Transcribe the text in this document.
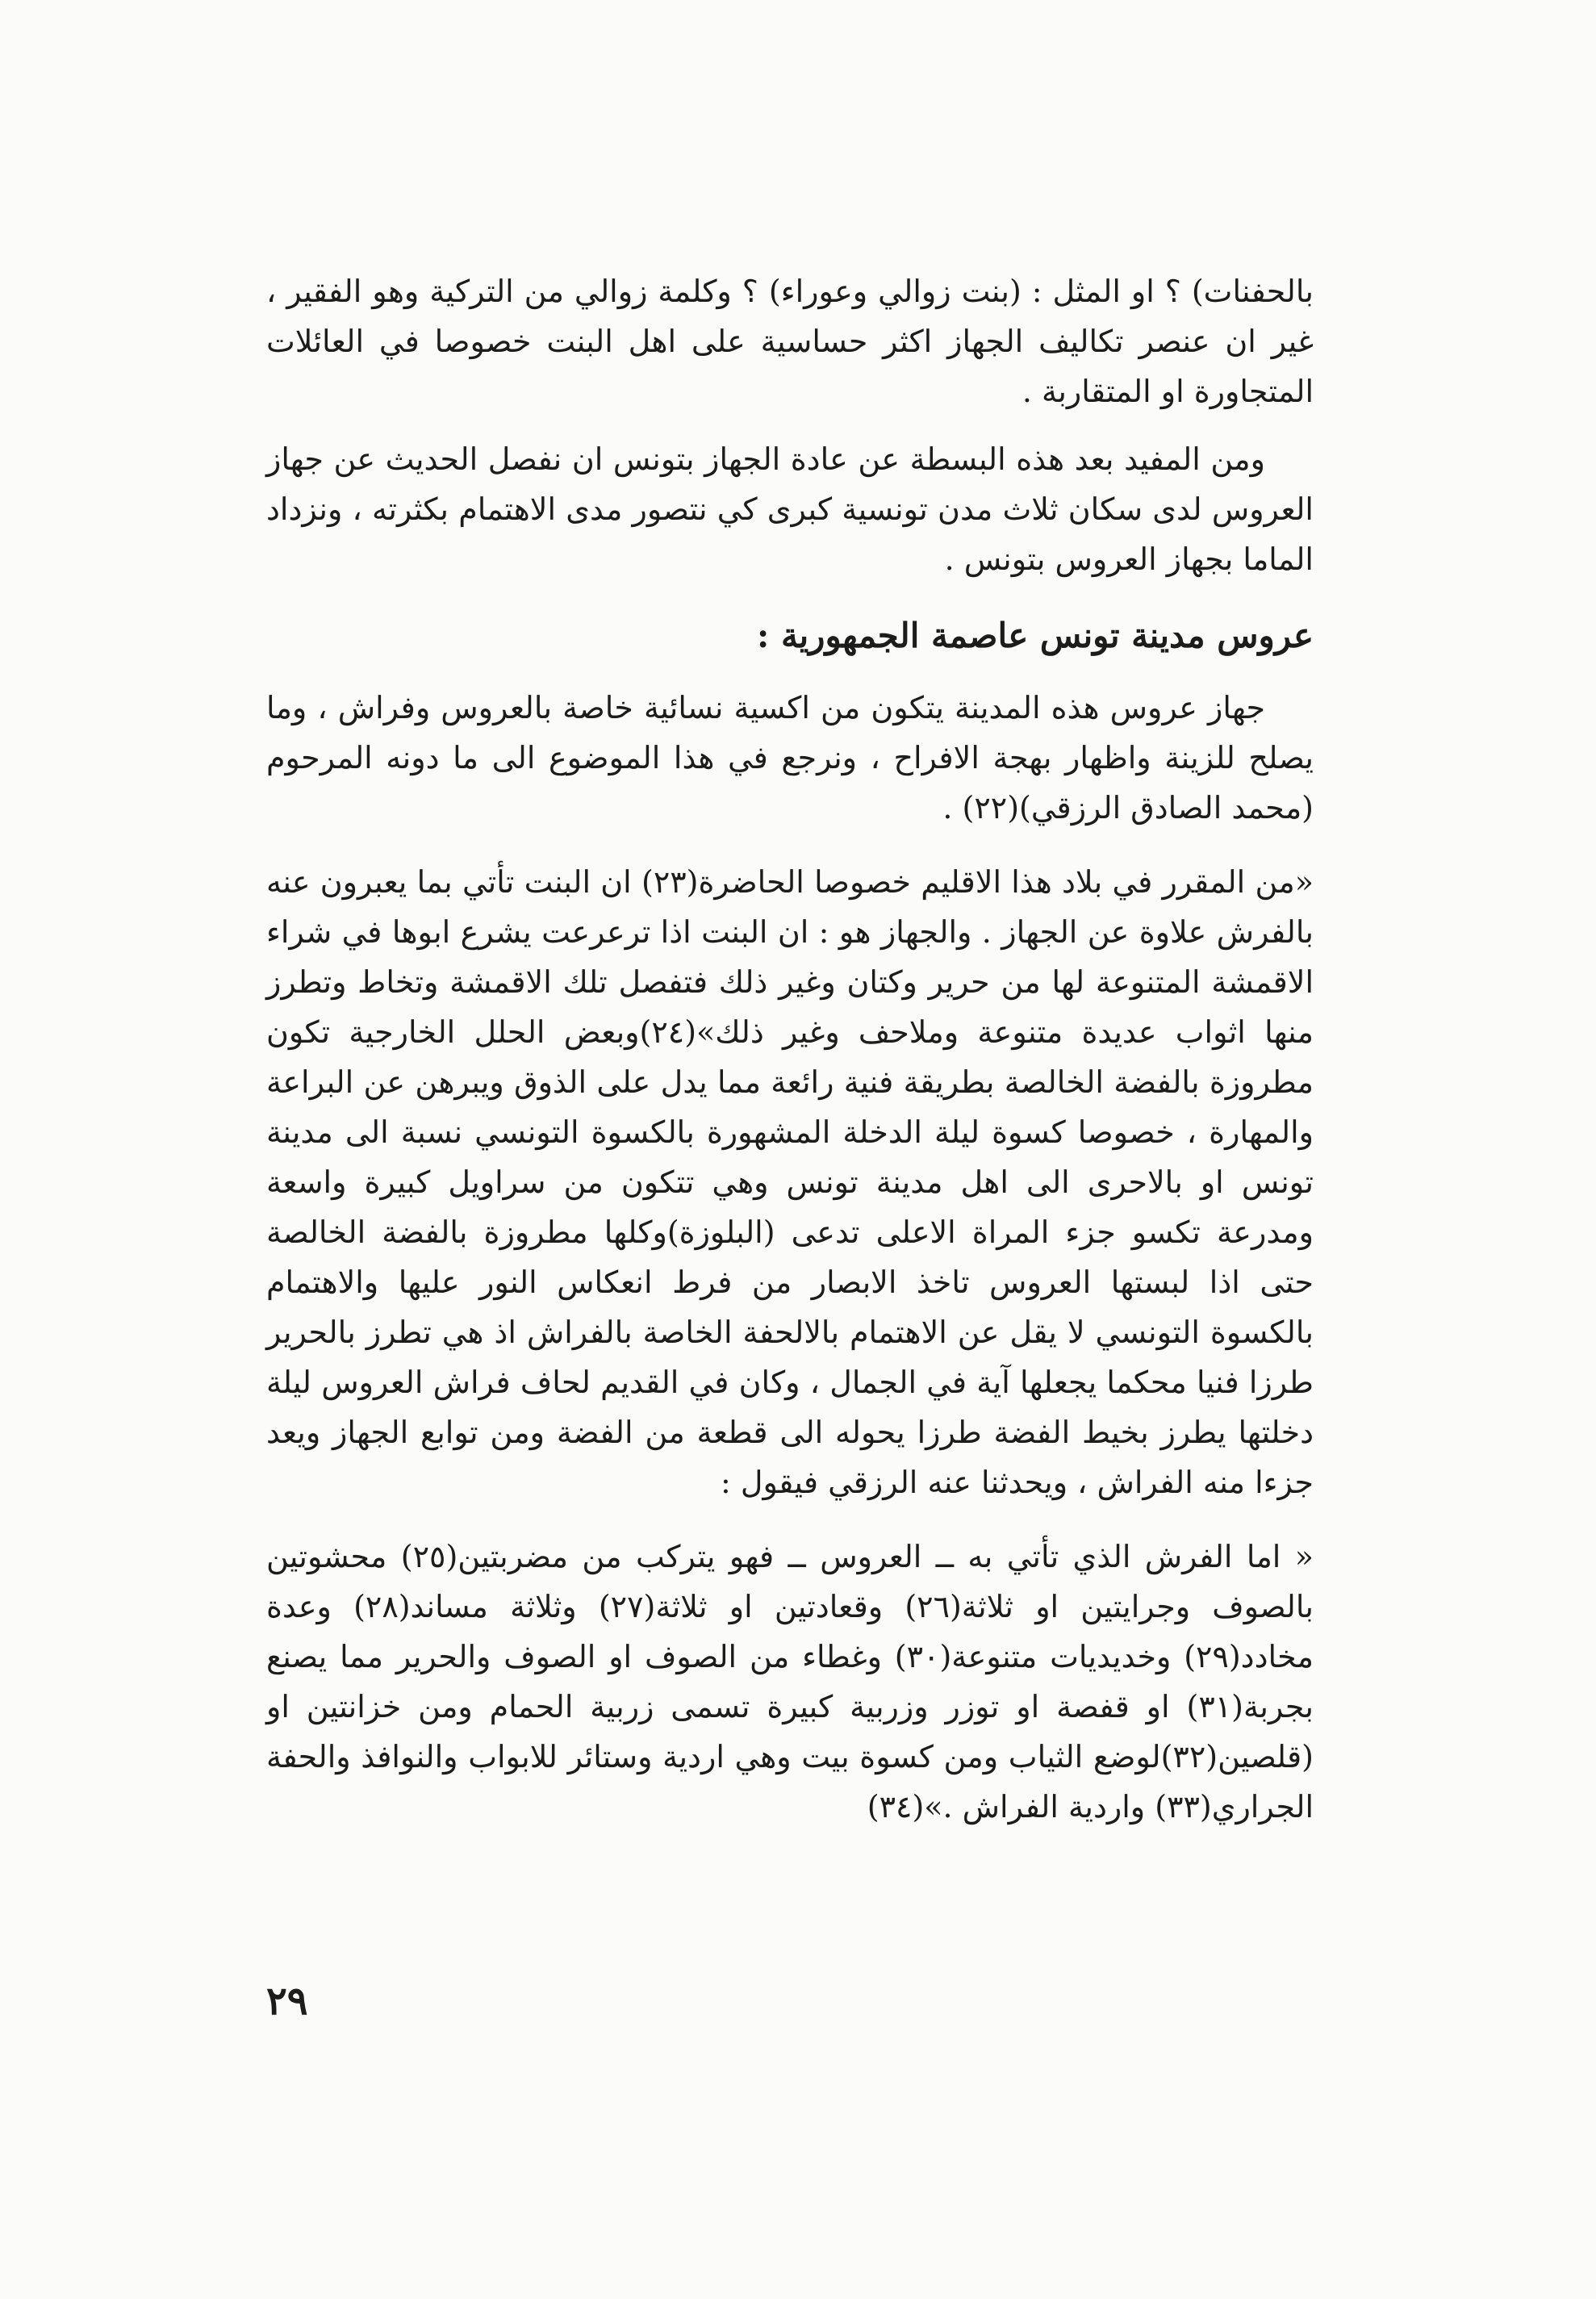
بالحفنات) ؟ او المثل : (بنت زوالي وعوراء) ؟ وكلمة زوالي من التركية وهو الفقير ، غير ان عنصر تكاليف الجهاز اكثر حساسية على اهل البنت خصوصا في العائلات المتجاورة او المتقاربة .

ومن المفيد بعد هذه البسطة عن عادة الجهاز بتونس ان نفصل الحديث عن جهاز العروس لدى سكان ثلاث مدن تونسية كبرى كي نتصور مدى الاهتمام بكثرته ، ونزداد الماما بجهاز العروس بتونس .

عروس مدينة تونس عاصمة الجمهورية :

جهاز عروس هذه المدينة يتكون من اكسية نسائية خاصة بالعروس وفراش ، وما يصلح للزينة واظهار بهجة الافراح ، ونرجع في هذا الموضوع الى ما دونه المرحوم (محمد الصادق الرزقي)(٢٢) .

«من المقرر في بلاد هذا الاقليم خصوصا الحاضرة(٢٣) ان البنت تأتي بما يعبرون عنه بالفرش علاوة عن الجهاز . والجهاز هو : ان البنت اذا ترعرعت يشرع ابوها في شراء الاقمشة المتنوعة لها من حرير وكتان وغير ذلك فتفصل تلك الاقمشة وتخاط وتطرز منها اثواب عديدة متنوعة وملاحف وغير ذلك»(٢٤)وبعض الحلل الخارجية تكون مطروزة بالفضة الخالصة بطريقة فنية رائعة مما يدل على الذوق ويبرهن عن البراعة والمهارة ، خصوصا كسوة ليلة الدخلة المشهورة بالكسوة التونسي نسبة الى مدينة تونس او بالاحرى الى اهل مدينة تونس وهي تتكون من سراويل كبيرة واسعة ومدرعة تكسو جزء المراة الاعلى تدعى (البلوزة)وكلها مطروزة بالفضة الخالصة حتى اذا لبستها العروس تاخذ الابصار من فرط انعكاس النور عليها والاهتمام بالكسوة التونسي لا يقل عن الاهتمام بالالحفة الخاصة بالفراش اذ هي تطرز بالحرير طرزا فنيا محكما يجعلها آية في الجمال ، وكان في القديم لحاف فراش العروس ليلة دخلتها يطرز بخيط الفضة طرزا يحوله الى قطعة من الفضة ومن توابع الجهاز ويعد جزءا منه الفراش ، ويحدثنا عنه الرزقي فيقول :

« اما الفرش الذي تأتي به ــ العروس ــ فهو يتركب من مضربتين(٢٥) محشوتين بالصوف وجرايتين او ثلاثة(٢٦) وقعادتين او ثلاثة(٢٧) وثلاثة مساند(٢٨) وعدة مخادد(٢٩) وخديديات متنوعة(٣٠) وغطاء من الصوف او الصوف والحرير مما يصنع بجربة(٣١) او قفصة او توزر وزربية كبيرة تسمى زربية الحمام ومن خزانتين او (قلصين(٣٢)لوضع الثياب ومن كسوة بيت وهي اردية وستائر للابواب والنوافذ والحفة الجراري(٣٣) واردية الفراش .»(٣٤)

٢٩
